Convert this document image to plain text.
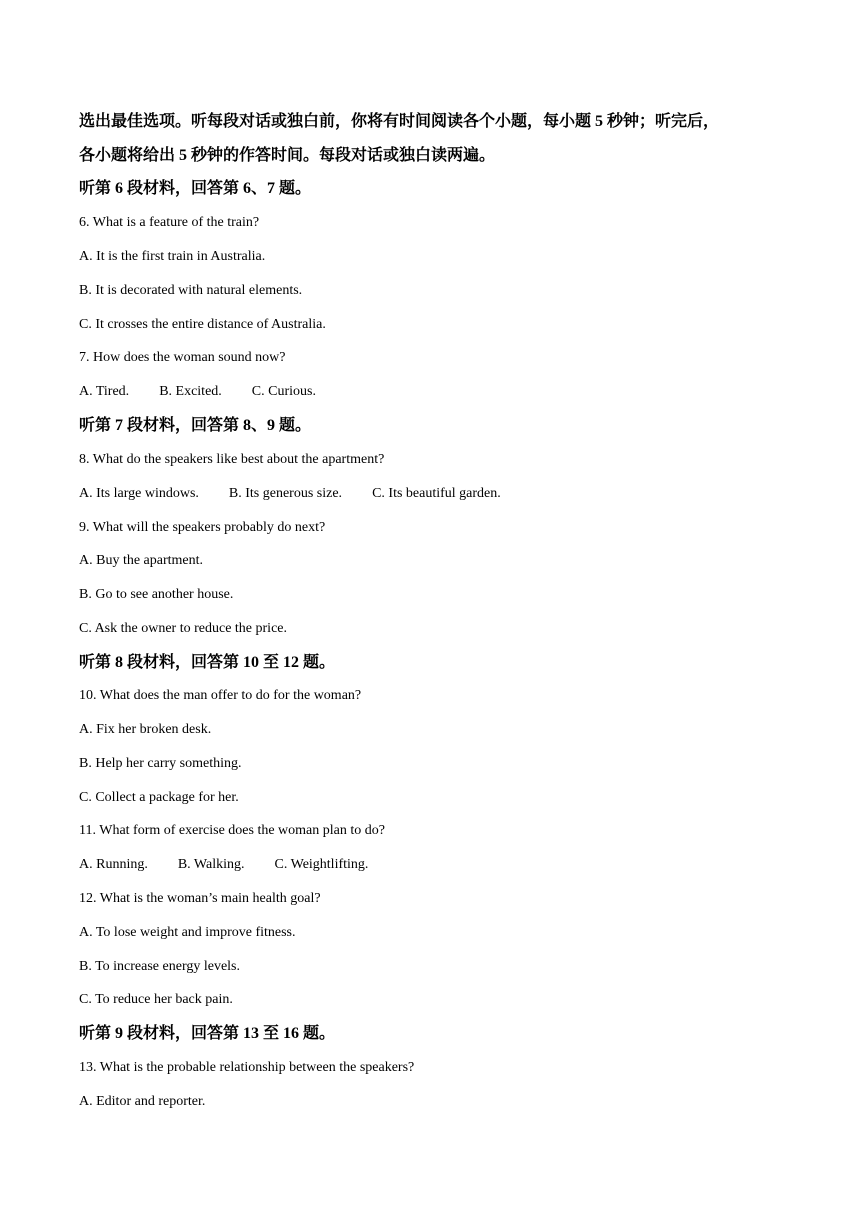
选出最佳选项。听每段对话或独白前，你将有时间阅读各个小题，每小题 5 秒钟；听完后，
各小题将给出 5 秒钟的作答时间。每段对话或独白读两遍。
听第 6 段材料，回答第 6、7 题。
6. What is a feature of the train?
A. It is the first train in Australia.
B. It is decorated with natural elements.
C. It crosses the entire distance of Australia.
7. How does the woman sound now?
A. Tired. B. Excited. C. Curious.
听第 7 段材料，回答第 8、9 题。
8. What do the speakers like best about the apartment?
A. Its large windows. B. Its generous size. C. Its beautiful garden.
9. What will the speakers probably do next?
A. Buy the apartment.
B. Go to see another house.
C. Ask the owner to reduce the price.
听第 8 段材料，回答第 10 至 12 题。
10. What does the man offer to do for the woman?
A. Fix her broken desk.
B. Help her carry something.
C. Collect a package for her.
11. What form of exercise does the woman plan to do?
A. Running. B. Walking. C. Weightlifting.
12. What is the woman’s main health goal?
A. To lose weight and improve fitness.
B. To increase energy levels.
C. To reduce her back pain.
听第 9 段材料，回答第 13 至 16 题。
13. What is the probable relationship between the speakers?
A. Editor and reporter.
